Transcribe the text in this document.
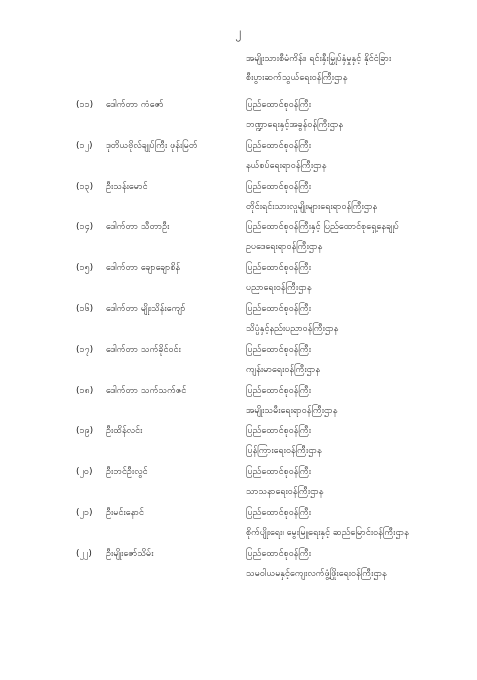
၂
အမျိုးသားစီမံကိန်း၊ ရင်းနှီးမြှုပ်နှံမှုနှင့် နိုင်ငံခြား
စီးပွားဆက်သွယ်ရေးဝန်ကြီးဌာန
(၁၁)	ဒေါက်တာ ကံဇော်	ပြည်ထောင်စုဝန်ကြီး
ဘဏ္ဍာရေးနှင့်အခွန်ဝန်ကြီးဌာန
(၁၂)	ဒုတိယဗိုလ်ချုပ်ကြီး ဖုန်းမြတ်	ပြည်ထောင်စုဝန်ကြီး
နယ်စပ်ရေးရာဝန်ကြီးဌာန
(၁၃)	ဦးသန်းမောင်	ပြည်ထောင်စုဝန်ကြီး
တိုင်းရင်းသားလူမျိုးများရေးရာဝန်ကြီးဌာန
(၁၄)	ဒေါက်တာ သီတာဦး	ပြည်ထောင်စုဝန်ကြီးနှင့် ပြည်ထောင်စုရှေ့နေချုပ်
ဥပဒေရေးရာဝန်ကြီးဌာန
(၁၅)	ဒေါက်တာ ချောချောစိန်	ပြည်ထောင်စုဝန်ကြီး
ပညာရေးဝန်ကြီးဌာန
(၁၆)	ဒေါက်တာ မျိုးသိန်းကျော်	ပြည်ထောင်စုဝန်ကြီး
သိပ္ပံနှင့်နည်းပညာဝန်ကြီးဌာန
(၁၇)	ဒေါက်တာ သက်ခိုင်ဝင်း	ပြည်ထောင်စုဝန်ကြီး
ကျန်းမာရေးဝန်ကြီးဌာန
(၁၈)	ဒေါက်တာ သက်သက်ဇင်	ပြည်ထောင်စုဝန်ကြီး
အမျိုးသမီးရေးရာဝန်ကြီးဌာန
(၁၉)	ဦးထိန်လင်း	ပြည်ထောင်စုဝန်ကြီး
ပြန်ကြားရေးဝန်ကြီးဌာန
(၂၀)	ဦးဘင်ဦးလွင်	ပြည်ထောင်စုဝန်ကြီး
သာသနာရေးဝန်ကြီးဌာန
(၂၁)	ဦးမင်းနောင်	ပြည်ထောင်စုဝန်ကြီး
စိုက်ပျိုးရေး၊ မွေးမြူရေးနှင့် ဆည်မြောင်းဝန်ကြီးဌာန
(၂၂)	ဦးမျိုးဇော်သိမ်း	ပြည်ထောင်စုဝန်ကြီး
သမဝါယမနှင့်ကျေးလက်ဖွံ့ဖြိုးရေးဝန်ကြီးဌာန
